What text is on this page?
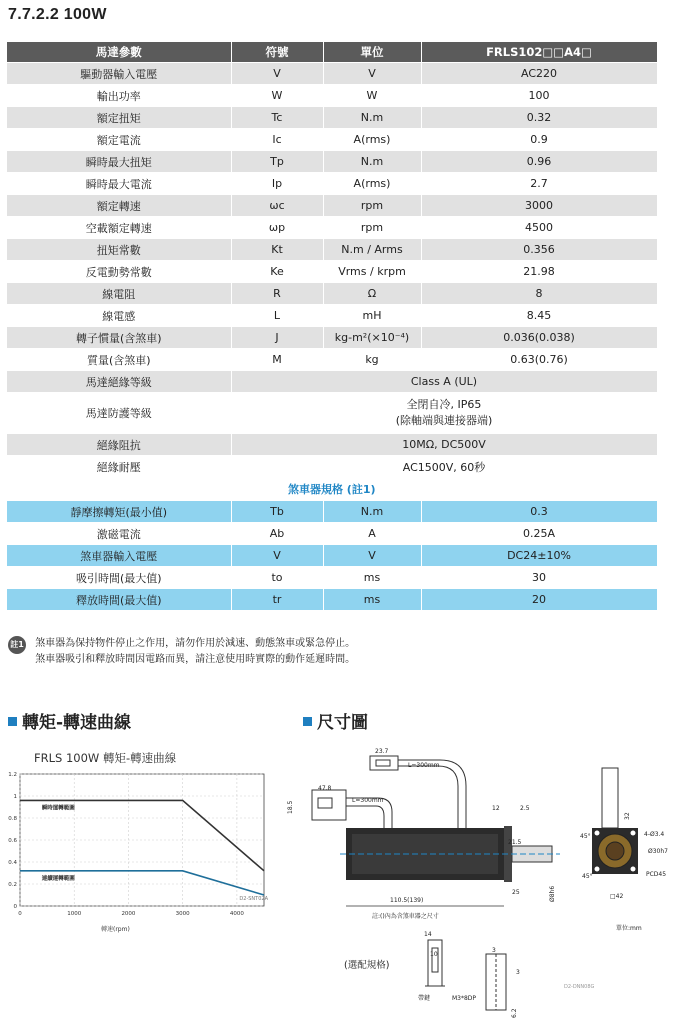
7.7.2.2 100W
馬達參數	符號	單位	FRLS102□□A4□
驅動器輸入電壓	V	V	AC220
輸出功率	W	W	100
額定扭矩	Tc	N.m	0.32
額定電流	Ic	A(rms)	0.9
瞬時最大扭矩	Tp	N.m	0.96
瞬時最大電流	Ip	A(rms)	2.7
額定轉速	ωc	rpm	3000
空載額定轉速	ωp	rpm	4500
扭矩常數	Kt	N.m / Arms	0.356
反電動勢常數	Ke	Vrms / krpm	21.98
線電阻	R	Ω	8
線電感	L	mH	8.45
轉子慣量(含煞車)	J	kg-m²(×10⁻⁴)	0.036(0.038)
質量(含煞車)	M	kg	0.63(0.76)
馬達絕緣等級	Class A (UL)		
馬達防護等級	全閉自冷, IP65
(除軸端與連接器端)		

絕緣阻抗	10MΩ, DC500V		
絕緣耐壓	AC1500V, 60秒		
煞車器規格 (註1)			
靜摩擦轉矩(最小值)	Tb	N.m	0.3
激磁電流	Ab	A	0.25A
煞車器輸入電壓	V	V	DC24±10%
吸引時間(最大值)	to	ms	30
釋放時間(最大值)	tr	ms	20
註1 煞車器為保持物件停止之作用，請勿作用於減速、動態煞車或緊急停止。
煞車器吸引和釋放時間因電路而異，請注意使用時實際的動作延遲時間。
轉矩-轉速曲線	尺寸圖
FRLS 100W 轉矩-轉速曲線
0
0.2
0.4
0.6
0.8
1
1.2
0	1000	2000	3000	4000
瞬時運轉範圍
連續運轉範圍
轉速(rpm)
D2-SNT02A
23.7
L=300mm
47.8
L=300mm
18.5	12	2.5
21.5
25	Ø8h6
110.5(139)
註:()內為含煞車器之尺寸
32
45°
45°
4-Ø3.4
Ø30h7
PCD45
□42
單位:mm
14
10
3
3
(選配規格)
帶鍵	M3*8DP
6.2
D2-DNN08G
